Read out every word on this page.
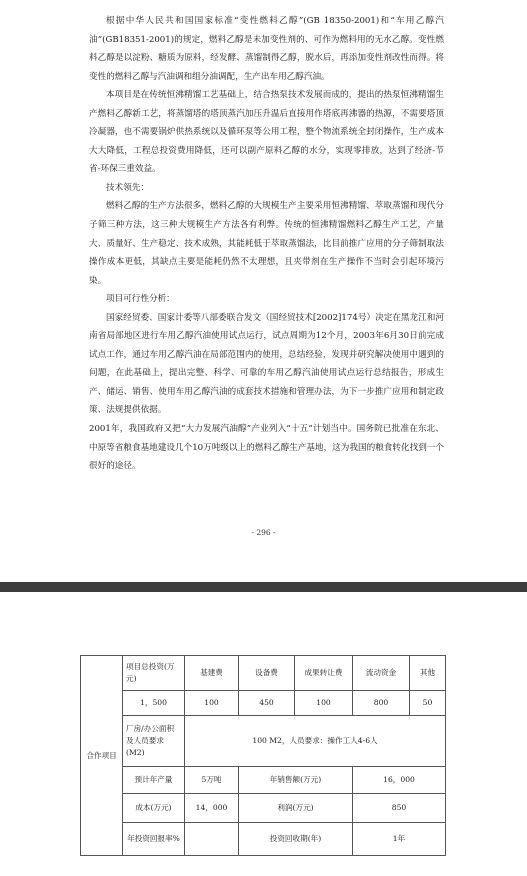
根据中华人民共和国国家标准“变性燃料乙醇”(GB 18350-2001)和“车用乙醇汽油”(GB18351-2001)的规定，燃料乙醇是未加变性剂的、可作为燃料用的无水乙醇。变性燃料乙醇是以淀粉、糖质为原料，经发酵、蒸馏制得乙醇，脱水后，再添加变性剂改性而得。将变性的燃料乙醇与汽油调和组分油调配，生产出车用乙醇汽油。

本项目是在传统恒沸精馏工艺基础上，结合热泵技术发展而成的，提出的热泵恒沸精馏生产燃料乙醇新工艺，将蒸馏塔的塔顶蒸汽加压升温后直接用作塔底再沸器的热源，不需要塔顶冷凝器，也不需要锅炉供热系统以及循环泵等公用工程，整个物流系统全封闭操作，生产成本大大降低，工程总投资费用降低，还可以副产原料乙醇的水分，实现零排放，达到了经济-节省-环保三重效益。

技术领先：

燃料乙醇的生产方法很多，燃料乙醇的大规模生产主要采用恒沸精馏、萃取蒸馏和现代分子筛三种方法，这三种大规模生产方法各有利弊。传统的恒沸精馏燃料乙醇生产工艺，产量大、质量好、生产稳定、技术成熟，其能耗低于萃取蒸馏法，比目前推广应用的分子筛制取法操作成本更低，其缺点主要是能耗仍然不太理想，且夹带剂在生产操作不当时会引起环境污染。

项目可行性分析：

国家经贸委、国家计委等八部委联合发文（国经贸技术[2002]174号）决定在黑龙江和河南省局部地区进行车用乙醇汽油使用试点运行，试点周期为12个月，2003年6月30日前完成试点工作，通过车用乙醇汽油在局部范围内的使用，总结经验，发现并研究解决使用中遇到的问题，在此基础上，提出完整、科学、可靠的车用乙醇汽油使用试点运行总结报告，形成生产、储运、销售、使用车用乙醇汽油的成套技术措施和管理办法，为下一步推广应用和制定政策、法规提供依据。

2001年，我国政府又把“大力发展汽油醇”产业列入“十五”计划当中。国务院已批准在东北、中原等省粮食基地建设几个10万吨级以上的燃料乙醇生产基地，这为我国的粮食转化找到一个很好的途径。

- 296 -
合作项目	项目总投资(万元)	基建费	设备费	成果转让费	流动资金	其他
	1，500	100	450	100	800	50
	厂房/办公面积及人员要求(M2)	100 M2，人员要求：操作工人4-6人				
	预计年产量	5万吨	年销售额(万元)		16，000	
	成本(万元)	14，000	利润(万元)		850	
	年投资回报率%		投资回收期(年)		1年	
